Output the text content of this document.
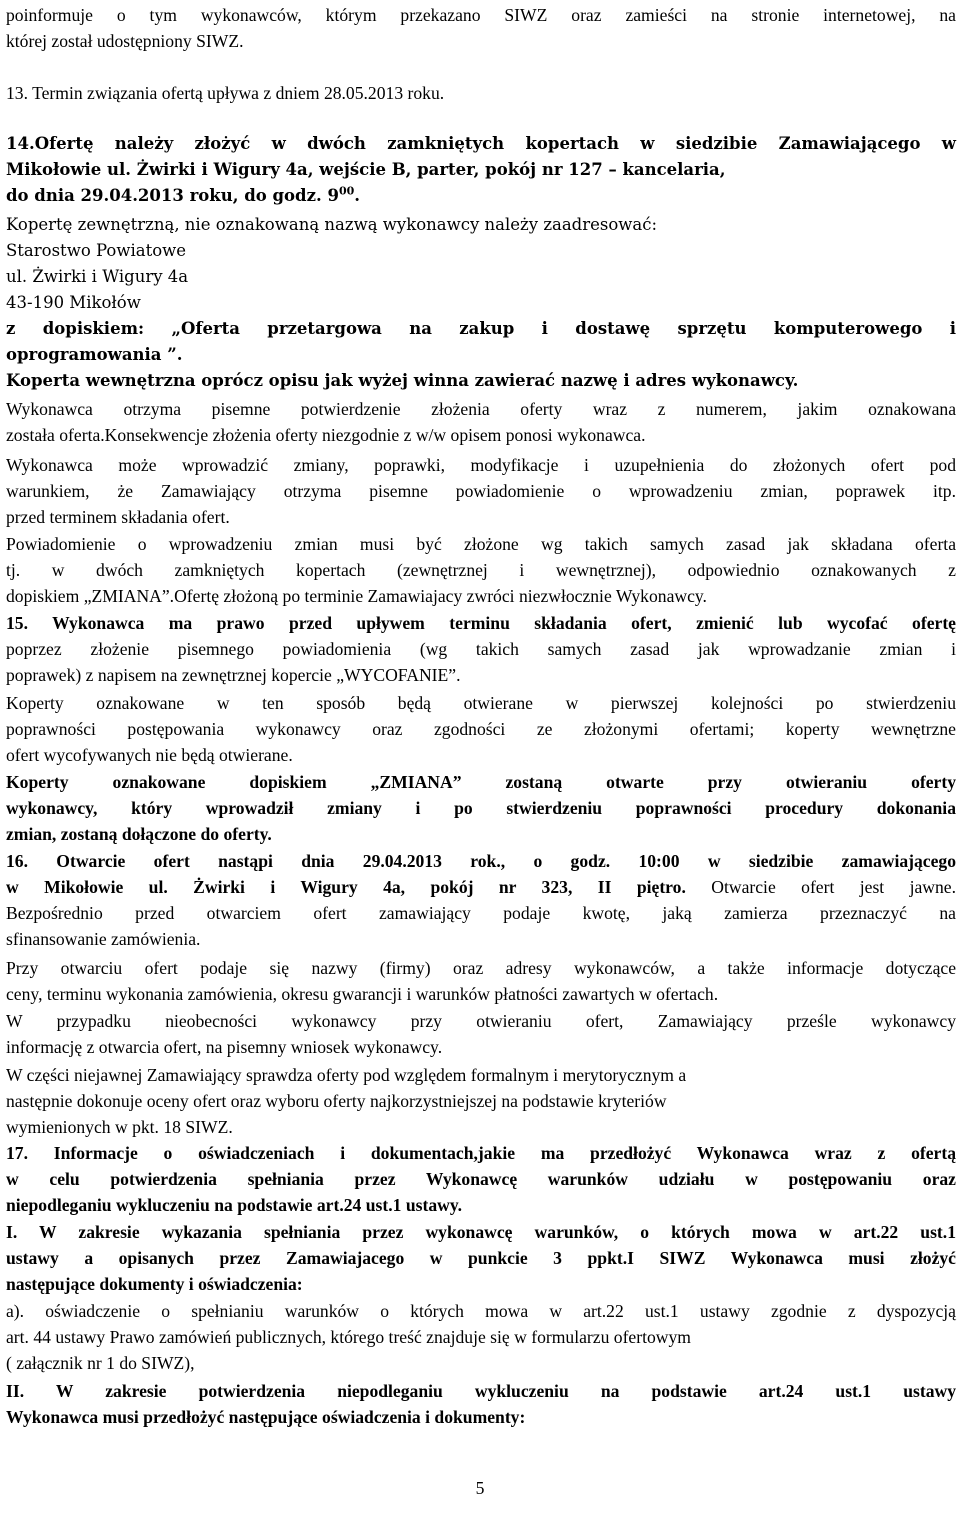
poinformuje o tym wykonawców, którym przekazano SIWZ oraz zamieści na stronie internetowej, na
której został udostępniony SIWZ.
13. Termin związania ofertą upływa z dniem 28.05.2013 roku.
14.Ofertę należy złożyć w dwóch zamkniętych kopertach w siedzibie Zamawiającego w
Mikołowie ul. Żwirki i Wigury 4a, wejście B, parter, pokój nr 127 – kancelaria,
do dnia 29.04.2013 roku, do godz. $9^{00}$.
Kopertę zewnętrzną, nie oznakowaną nazwą wykonawcy należy zaadresować:
Starostwo Powiatowe
ul. Żwirki i Wigury 4a
43-190 Mikołów
z dopiskiem: „Oferta przetargowa na zakup i dostawę sprzętu komputerowego i
oprogramowania ”.
Koperta wewnętrzna oprócz opisu jak wyżej winna zawierać nazwę i adres wykonawcy.
Wykonawca otrzyma pisemne potwierdzenie złożenia oferty wraz z numerem, jakim oznakowana
została oferta.Konsekwencje złożenia oferty niezgodnie z w/w opisem ponosi wykonawca.
Wykonawca może wprowadzić zmiany, poprawki, modyfikacje i uzupełnienia do złożonych ofert pod
warunkiem, że Zamawiający otrzyma pisemne powiadomienie o wprowadzeniu zmian, poprawek itp.
przed terminem składania ofert.
Powiadomienie o wprowadzeniu zmian musi być złożone wg takich samych zasad jak składana oferta
tj. w dwóch zamkniętych kopertach (zewnętrznej i wewnętrznej), odpowiednio oznakowanych z
dopiskiem „ZMIANA”.Ofertę złożoną po terminie Zamawiajacy zwróci niezwłocznie Wykonawcy.
15. Wykonawca ma prawo przed upływem terminu składania ofert, zmienić lub wycofać ofertę
poprzez złożenie pisemnego powiadomienia (wg takich samych zasad jak wprowadzanie zmian i
poprawek) z napisem na zewnętrznej kopercie „WYCOFANIE”.
Koperty oznakowane w ten sposób będą otwierane w pierwszej kolejności po stwierdzeniu
poprawności postępowania wykonawcy oraz zgodności ze złożonymi ofertami; koperty wewnętrzne
ofert wycofywanych nie będą otwierane.
Koperty oznakowane dopiskiem „ZMIANA” zostaną otwarte przy otwieraniu oferty
wykonawcy, który wprowadził zmiany i po stwierdzeniu poprawności procedury dokonania
zmian, zostaną dołączone do oferty.
16. Otwarcie ofert nastąpi dnia 29.04.2013 rok., o godz. 10:00 w siedzibie zamawiającego
w Mikołowie ul. Żwirki i Wigury 4a, pokój nr 323, II piętro. Otwarcie ofert jest jawne.
Bezpośrednio przed otwarciem ofert zamawiający podaje kwotę, jaką zamierza przeznaczyć na
sfinansowanie zamówienia.
Przy otwarciu ofert podaje się nazwy (firmy) oraz adresy wykonawców, a także informacje dotyczące
ceny, terminu wykonania zamówienia, okresu gwarancji i warunków płatności zawartych w ofertach.
W przypadku nieobecności wykonawcy przy otwieraniu ofert, Zamawiający prześle wykonawcy
informację z otwarcia ofert, na pisemny wniosek wykonawcy.
W części niejawnej Zamawiający sprawdza oferty pod względem formalnym i merytorycznym a
następnie dokonuje oceny ofert oraz wyboru oferty najkorzystniejszej na podstawie kryteriów
wymienionych w pkt. 18 SIWZ.
17. Informacje o oświadczeniach i dokumentach,jakie ma przedłożyć Wykonawca wraz z ofertą
w celu potwierdzenia spełniania przez Wykonawcę warunków udziału w postępowaniu oraz
niepodleganiu wykluczeniu na podstawie art.24 ust.1 ustawy.
I. W zakresie wykazania spełniania przez wykonawcę warunków, o których mowa w art.22 ust.1
ustawy a opisanych przez Zamawiajacego w punkcie 3 ppkt.I SIWZ Wykonawca musi złożyć
następujące dokumenty i oświadczenia:
a). oświadczenie o spełnianiu warunków o których mowa w art.22 ust.1 ustawy zgodnie z dyspozycją
art. 44 ustawy Prawo zamówień publicznych, którego treść znajduje się w formularzu ofertowym
( załącznik nr 1 do SIWZ),
II. W zakresie potwierdzenia niepodleganiu wykluczeniu na podstawie art.24 ust.1 ustawy
Wykonawca musi przedłożyć następujące oświadczenia i dokumenty:
5
